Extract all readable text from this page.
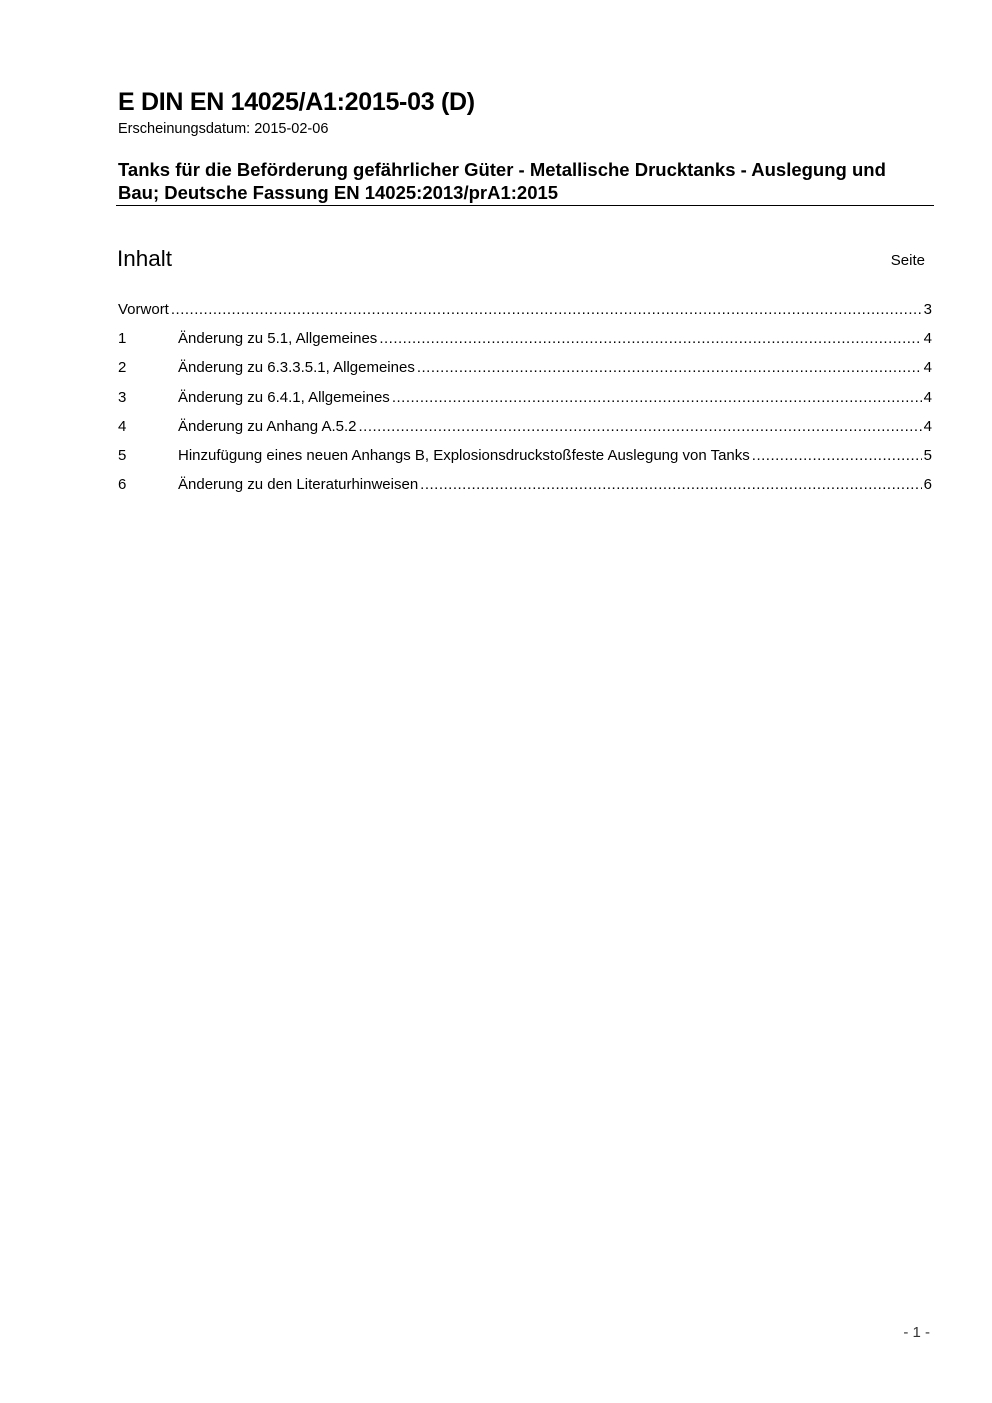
E DIN EN 14025/A1:2015-03 (D)
Erscheinungsdatum: 2015-02-06
Tanks für die Beförderung gefährlicher Güter - Metallische Drucktanks - Auslegung und Bau; Deutsche Fassung EN 14025:2013/prA1:2015
Inhalt	Seite
Vorwort .....	3
1	Änderung zu 5.1, Allgemeines .....	4
2	Änderung zu 6.3.3.5.1, Allgemeines .....	4
3	Änderung zu 6.4.1, Allgemeines .....	4
4	Änderung zu Anhang A.5.2 .....	4
5	Hinzufügung eines neuen Anhangs B, Explosionsdruckstoßfeste Auslegung von Tanks .....	5
6	Änderung zu den Literaturhinweisen .....	6
- 1 -
